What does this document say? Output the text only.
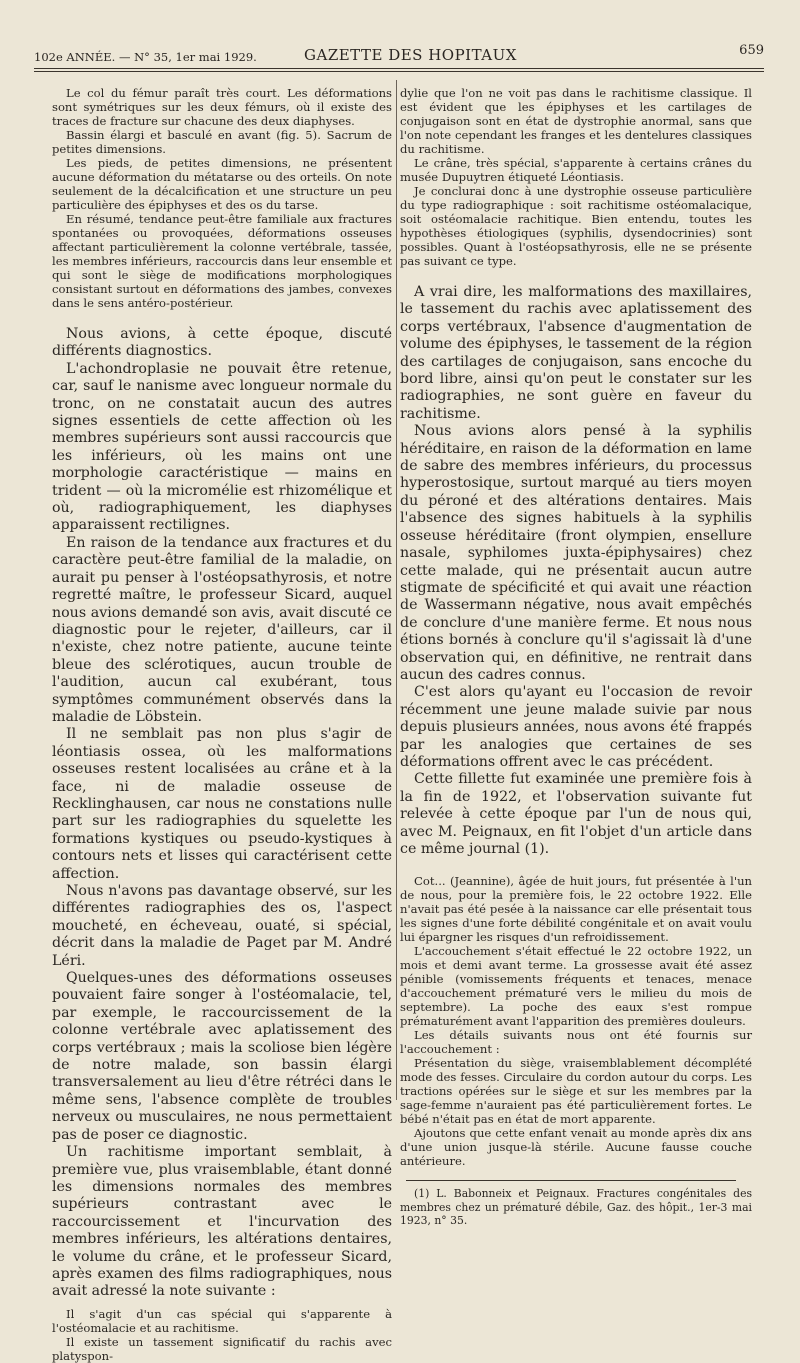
102e ANNÉE. — N° 35, 1er mai 1929.	GAZETTE DES HOPITAUX	659

Le col du fémur paraît très court. Les déformations sont symétriques sur les deux fémurs, où il existe des traces de fracture sur chacune des deux diaphyses.

Bassin élargi et basculé en avant (fig. 5). Sacrum de petites dimensions.

Les pieds, de petites dimensions, ne présentent aucune déformation du métatarse ou des orteils. On note seulement de la décalcification et une structure un peu particulière des épiphyses et des os du tarse.

En résumé, tendance peut-être familiale aux fractures spontanées ou provoquées, déformations osseuses affectant particulièrement la colonne vertébrale, tassée, les membres inférieurs, raccourcis dans leur ensemble et qui sont le siège de modifications morphologiques consistant surtout en déformations des jambes, convexes dans le sens antéro-postérieur.

Nous avions, à cette époque, discuté différents diagnostics.

L'achondroplasie ne pouvait être retenue, car, sauf le nanisme avec longueur normale du tronc, on ne constatait aucun des autres signes essentiels de cette affection où les membres supérieurs sont aussi raccourcis que les inférieurs, où les mains ont une morphologie caractéristique — mains en trident — où la micromélie est rhizomélique et où, radiographiquement, les diaphyses apparaissent rectilignes.

En raison de la tendance aux fractures et du caractère peut-être familial de la maladie, on aurait pu penser à l'ostéopsathyrosis, et notre regretté maître, le professeur Sicard, auquel nous avions demandé son avis, avait discuté ce diagnostic pour le rejeter, d'ailleurs, car il n'existe, chez notre patiente, aucune teinte bleue des sclérotiques, aucun trouble de l'audition, aucun cal exubérant, tous symptômes communément observés dans la maladie de Löbstein.

Il ne semblait pas non plus s'agir de léontiasis ossea, où les malformations osseuses restent localisées au crâne et à la face, ni de maladie osseuse de Recklinghausen, car nous ne constations nulle part sur les radiographies du squelette les formations kystiques ou pseudo-kystiques à contours nets et lisses qui caractérisent cette affection.

Nous n'avons pas davantage observé, sur les différentes radiographies des os, l'aspect moucheté, en écheveau, ouaté, si spécial, décrit dans la maladie de Paget par M. André Léri.

Quelques-unes des déformations osseuses pouvaient faire songer à l'ostéomalacie, tel, par exemple, le raccourcissement de la colonne vertébrale avec aplatissement des corps vertébraux ; mais la scoliose bien légère de notre malade, son bassin élargi transversalement au lieu d'être rétréci dans le même sens, l'absence complète de troubles nerveux ou musculaires, ne nous permettaient pas de poser ce diagnostic.

Un rachitisme important semblait, à première vue, plus vraisemblable, étant donné les dimensions normales des membres supérieurs contrastant avec le raccourcissement et l'incurvation des membres inférieurs, les altérations dentaires, le volume du crâne, et le professeur Sicard, après examen des films radiographiques, nous avait adressé la note suivante :

Il s'agit d'un cas spécial qui s'apparente à l'ostéomalacie et au rachitisme.

Il existe un tassement significatif du rachis avec platyspon-

dylie que l'on ne voit pas dans le rachitisme classique. Il est évident que les épiphyses et les cartilages de conjugaison sont en état de dystrophie anormal, sans que l'on note cependant les franges et les dentelures classiques du rachitisme.

Le crâne, très spécial, s'apparente à certains crânes du musée Dupuytren étiqueté Léontiasis.

Je conclurai donc à une dystrophie osseuse particulière du type radiographique : soit rachitisme ostéomalacique, soit ostéomalacie rachitique. Bien entendu, toutes les hypothèses étiologiques (syphilis, dysendocrinies) sont possibles. Quant à l'ostéopsathyrosis, elle ne se présente pas suivant ce type.

A vrai dire, les malformations des maxillaires, le tassement du rachis avec aplatissement des corps vertébraux, l'absence d'augmentation de volume des épiphyses, le tassement de la région des cartilages de conjugaison, sans encoche du bord libre, ainsi qu'on peut le constater sur les radiographies, ne sont guère en faveur du rachitisme.

Nous avions alors pensé à la syphilis héréditaire, en raison de la déformation en lame de sabre des membres inférieurs, du processus hyperostosique, surtout marqué au tiers moyen du péroné et des altérations dentaires. Mais l'absence des signes habituels à la syphilis osseuse héréditaire (front olympien, ensellure nasale, syphilomes juxta-épiphysaires) chez cette malade, qui ne présentait aucun autre stigmate de spécificité et qui avait une réaction de Wassermann négative, nous avait empêchés de conclure d'une manière ferme. Et nous nous étions bornés à conclure qu'il s'agissait là d'une observation qui, en définitive, ne rentrait dans aucun des cadres connus.

C'est alors qu'ayant eu l'occasion de revoir récemment une jeune malade suivie par nous depuis plusieurs années, nous avons été frappés par les analogies que certaines de ses déformations offrent avec le cas précédent.

Cette fillette fut examinée une première fois à la fin de 1922, et l'observation suivante fut relevée à cette époque par l'un de nous qui, avec M. Peignaux, en fit l'objet d'un article dans ce même journal (1).

Cot... (Jeannine), âgée de huit jours, fut présentée à l'un de nous, pour la première fois, le 22 octobre 1922. Elle n'avait pas été pesée à la naissance car elle présentait tous les signes d'une forte débilité congénitale et on avait voulu lui épargner les risques d'un refroidissement.

L'accouchement s'était effectué le 22 octobre 1922, un mois et demi avant terme. La grossesse avait été assez pénible (vomissements fréquents et tenaces, menace d'accouchement prématuré vers le milieu du mois de septembre). La poche des eaux s'est rompue prématurément avant l'apparition des premières douleurs.

Les détails suivants nous ont été fournis sur l'accouchement :

Présentation du siège, vraisemblablement décomplété mode des fesses. Circulaire du cordon autour du corps. Les tractions opérées sur le siège et sur les membres par la sage-femme n'auraient pas été particulièrement fortes. Le bébé n'était pas en état de mort apparente.

Ajoutons que cette enfant venait au monde après dix ans d'une union jusque-là stérile. Aucune fausse couche antérieure.

(1) L. Babonneix et Peignaux. Fractures congénitales des membres chez un prématuré débile, Gaz. des hôpit., 1er-3 mai 1923, n° 35.
